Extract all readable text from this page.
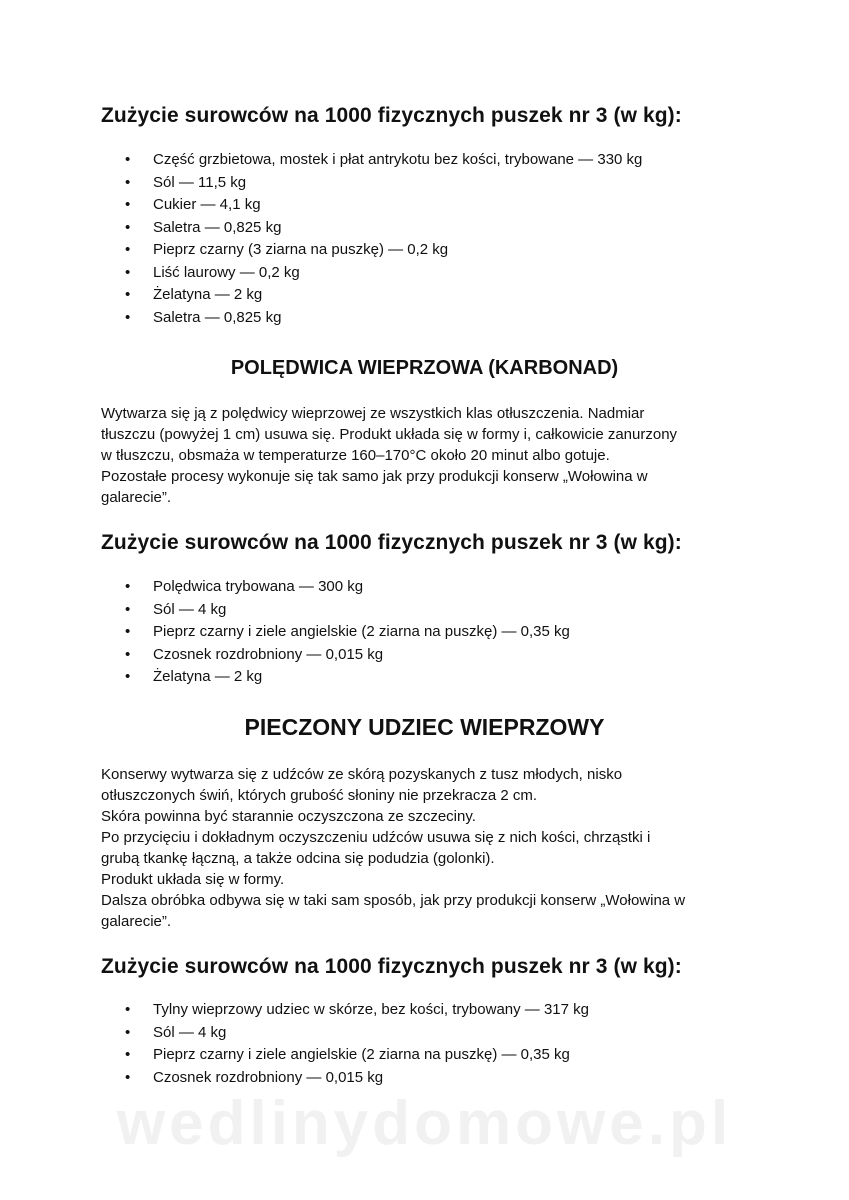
Zużycie surowców na 1000 fizycznych puszek nr 3 (w kg):
• Część grzbietowa, mostek i płat antrykotu bez kości, trybowane — 330 kg
• Sól — 11,5 kg
• Cukier — 4,1 kg
• Saletra — 0,825 kg
• Pieprz czarny (3 ziarna na puszkę) — 0,2 kg
• Liść laurowy — 0,2 kg
• Żelatyna — 2 kg
• Saletra — 0,825 kg
POLĘDWICA WIEPRZOWA (KARBONAD)
Wytwarza się ją z polędwicy wieprzowej ze wszystkich klas otłuszczenia. Nadmiar
tłuszczu (powyżej 1 cm) usuwa się. Produkt układa się w formy i, całkowicie zanurzony
w tłuszczu, obsmaża w temperaturze 160–170°C około 20 minut albo gotuje.
Pozostałe procesy wykonuje się tak samo jak przy produkcji konserw „Wołowina w
galarecie”.
Zużycie surowców na 1000 fizycznych puszek nr 3 (w kg):
• Polędwica trybowana — 300 kg
• Sól — 4 kg
• Pieprz czarny i ziele angielskie (2 ziarna na puszkę) — 0,35 kg
• Czosnek rozdrobniony — 0,015 kg
• Żelatyna — 2 kg
PIECZONY UDZIEC WIEPRZOWY
Konserwy wytwarza się z udźców ze skórą pozyskanych z tusz młodych, nisko
otłuszczonych świń, których grubość słoniny nie przekracza 2 cm.
Skóra powinna być starannie oczyszczona ze szczeciny.
Po przycięciu i dokładnym oczyszczeniu udźców usuwa się z nich kości, chrząstki i
grubą tkankę łączną, a także odcina się podudzia (golonki).
Produkt układa się w formy.
Dalsza obróbka odbywa się w taki sam sposób, jak przy produkcji konserw „Wołowina w
galarecie”.
Zużycie surowców na 1000 fizycznych puszek nr 3 (w kg):
• Tylny wieprzowy udziec w skórze, bez kości, trybowany — 317 kg
• Sól — 4 kg
• Pieprz czarny i ziele angielskie (2 ziarna na puszkę) — 0,35 kg
• Czosnek rozdrobniony — 0,015 kg
wedlinydomowe.pl
